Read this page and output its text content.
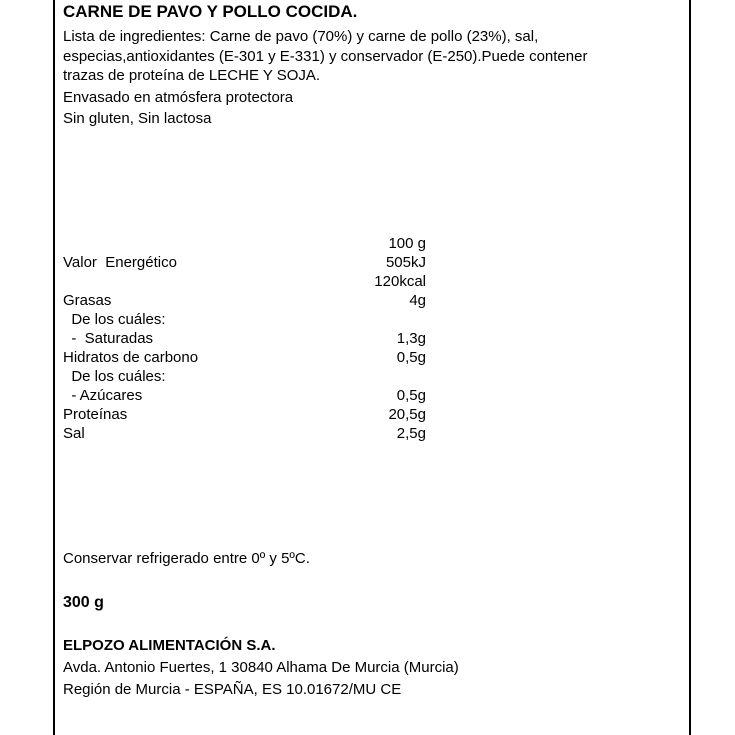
CARNE DE PAVO Y POLLO COCIDA.
Lista de ingredientes: Carne de pavo (70%) y carne de pollo (23%), sal,
especias,antioxidantes (E-301 y E-331) y conservador (E-250).Puede contener
trazas de proteína de LECHE Y SOJA.
Envasado en atmósfera protectora
Sin gluten, Sin lactosa
100 g
Valor  Energético	505kJ
120kcal
Grasas	4g
De los cuáles:
-  Saturadas	1,3g
Hidratos de carbono	0,5g
De los cuáles:
- Azúcares	0,5g
Proteínas	20,5g
Sal	2,5g
Conservar refrigerado entre 0º y 5ºC.
300 g
ELPOZO ALIMENTACIÓN S.A.
Avda. Antonio Fuertes, 1 30840 Alhama De Murcia (Murcia)
Región de Murcia - ESPAÑA, ES 10.01672/MU CE
